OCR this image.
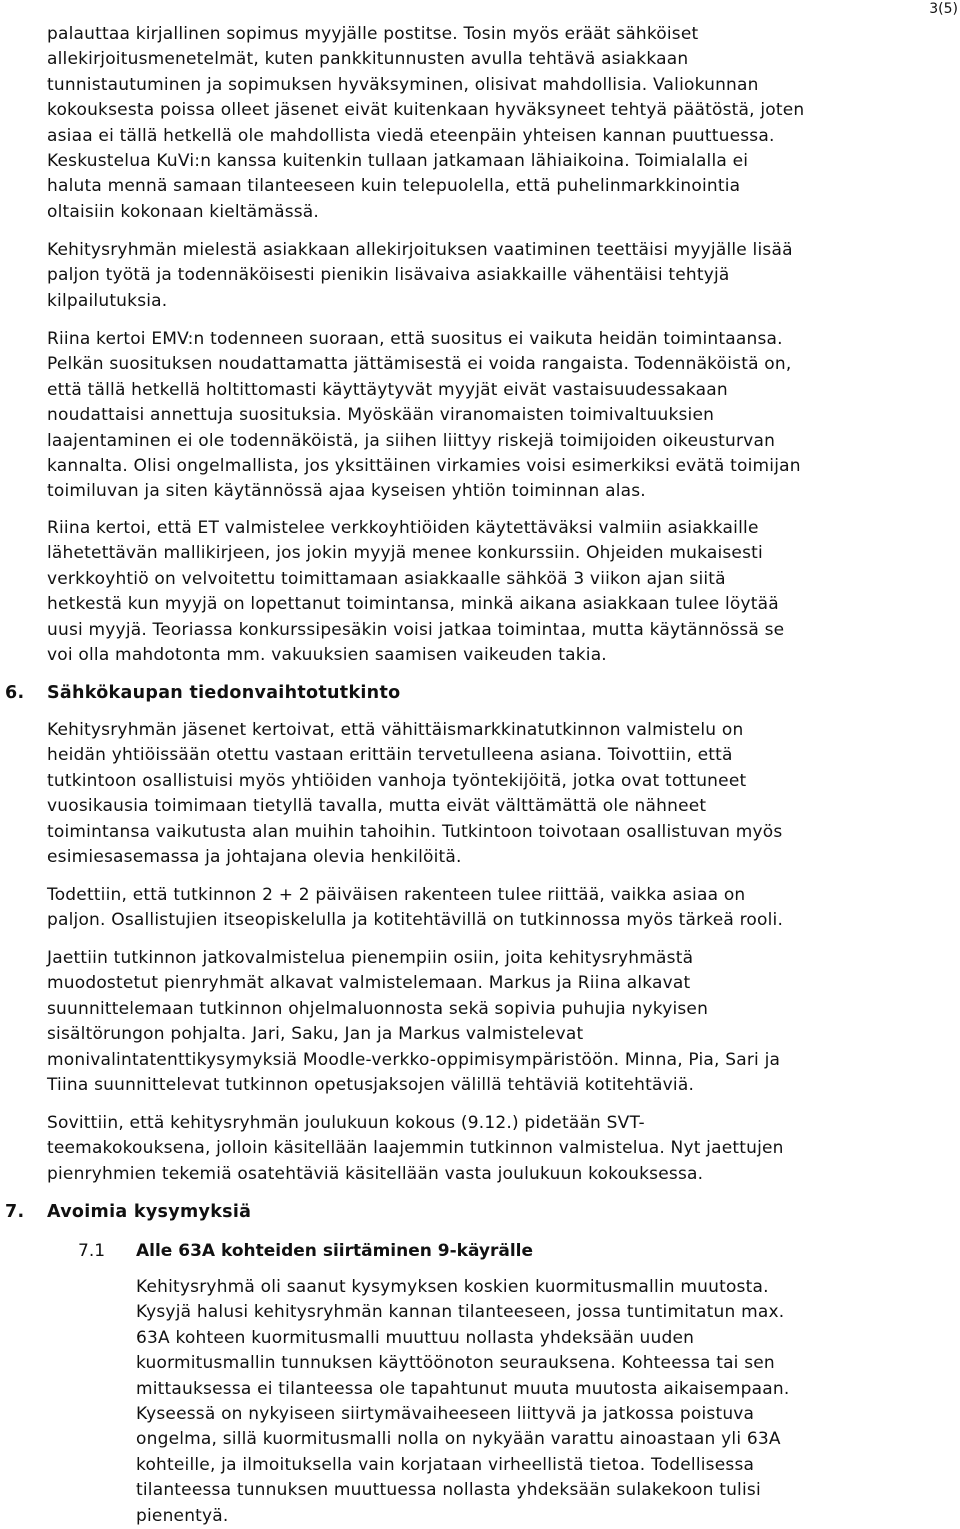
3(5)
palauttaa kirjallinen sopimus myyjälle postitse. Tosin myös eräät sähköiset
allekirjoitusmenetelmät, kuten pankkitunnusten avulla tehtävä asiakkaan
tunnistautuminen ja sopimuksen hyväksyminen, olisivat mahdollisia. Valiokunnan
kokouksesta poissa olleet jäsenet eivät kuitenkaan hyväksyneet tehtyä päätöstä, joten
asiaa ei tällä hetkellä ole mahdollista viedä eteenpäin yhteisen kannan puuttuessa.
Keskustelua KuVi:n kanssa kuitenkin tullaan jatkamaan lähiaikoina. Toimialalla ei
haluta mennä samaan tilanteeseen kuin telepuolella, että puhelinmarkkinointia
oltaisiin kokonaan kieltämässä.
Kehitysryhmän mielestä asiakkaan allekirjoituksen vaatiminen teettäisi myyjälle lisää
paljon työtä ja todennäköisesti pienikin lisävaiva asiakkaille vähentäisi tehtyjä
kilpailutuksia.
Riina kertoi EMV:n todenneen suoraan, että suositus ei vaikuta heidän toimintaansa.
Pelkän suosituksen noudattamatta jättämisestä ei voida rangaista. Todennäköistä on,
että tällä hetkellä holtittomasti käyttäytyvät myyjät eivät vastaisuudessakaan
noudattaisi annettuja suosituksia. Myöskään viranomaisten toimivaltuuksien
laajentaminen ei ole todennäköistä, ja siihen liittyy riskejä toimijoiden oikeusturvan
kannalta. Olisi ongelmallista, jos yksittäinen virkamies voisi esimerkiksi evätä toimijan
toimiluvan ja siten käytännössä ajaa kyseisen yhtiön toiminnan alas.
Riina kertoi, että ET valmistelee verkkoyhtiöiden käytettäväksi valmiin asiakkaille
lähetettävän mallikirjeen, jos jokin myyjä menee konkurssiin. Ohjeiden mukaisesti
verkkoyhtiö on velvoitettu toimittamaan asiakkaalle sähköä 3 viikon ajan siitä
hetkestä kun myyjä on lopettanut toimintansa, minkä aikana asiakkaan tulee löytää
uusi myyjä. Teoriassa konkurssipesäkin voisi jatkaa toimintaa, mutta käytännössä se
voi olla mahdotonta mm. vakuuksien saamisen vaikeuden takia.
6. Sähkökaupan tiedonvaihtotutkinto
Kehitysryhmän jäsenet kertoivat, että vähittäismarkkinatutkinnon valmistelu on
heidän yhtiöissään otettu vastaan erittäin tervetulleena asiana. Toivottiin, että
tutkintoon osallistuisi myös yhtiöiden vanhoja työntekijöitä, jotka ovat tottuneet
vuosikausia toimimaan tietyllä tavalla, mutta eivät välttämättä ole nähneet
toimintansa vaikutusta alan muihin tahoihin. Tutkintoon toivotaan osallistuvan myös
esimiesasemassa ja johtajana olevia henkilöitä.
Todettiin, että tutkinnon 2 + 2 päiväisen rakenteen tulee riittää, vaikka asiaa on
paljon. Osallistujien itseopiskelulla ja kotitehtävillä on tutkinnossa myös tärkeä rooli.
Jaettiin tutkinnon jatkovalmistelua pienempiin osiin, joita kehitysryhmästä
muodostetut pienryhmät alkavat valmistelemaan. Markus ja Riina alkavat
suunnittelemaan tutkinnon ohjelmaluonnosta sekä sopivia puhujia nykyisen
sisältörungon pohjalta. Jari, Saku, Jan ja Markus valmistelevat
monivalintatenttikysymyksiä Moodle-verkko-oppimisympäristöön. Minna, Pia, Sari ja
Tiina suunnittelevat tutkinnon opetusjaksojen välillä tehtäviä kotitehtäviä.
Sovittiin, että kehitysryhmän joulukuun kokous (9.12.) pidetään SVT-
teemakokouksena, jolloin käsitellään laajemmin tutkinnon valmistelua. Nyt jaettujen
pienryhmien tekemiä osatehtäviä käsitellään vasta joulukuun kokouksessa.
7. Avoimia kysymyksiä
7.1 Alle 63A kohteiden siirtäminen 9-käyrälle
Kehitysryhmä oli saanut kysymyksen koskien kuormitusmallin muutosta.
Kysyjä halusi kehitysryhmän kannan tilanteeseen, jossa tuntimitatun max.
63A kohteen kuormitusmalli muuttuu nollasta yhdeksään uuden
kuormitusmallin tunnuksen käyttöönoton seurauksena. Kohteessa tai sen
mittauksessa ei tilanteessa ole tapahtunut muuta muutosta aikaisempaan.
Kyseessä on nykyiseen siirtymävaiheeseen liittyvä ja jatkossa poistuva
ongelma, sillä kuormitusmalli nolla on nykyään varattu ainoastaan yli 63A
kohteille, ja ilmoituksella vain korjataan virheellistä tietoa. Todellisessa
tilanteessa tunnuksen muuttuessa nollasta yhdeksään sulakekoon tulisi
pienentyä.
